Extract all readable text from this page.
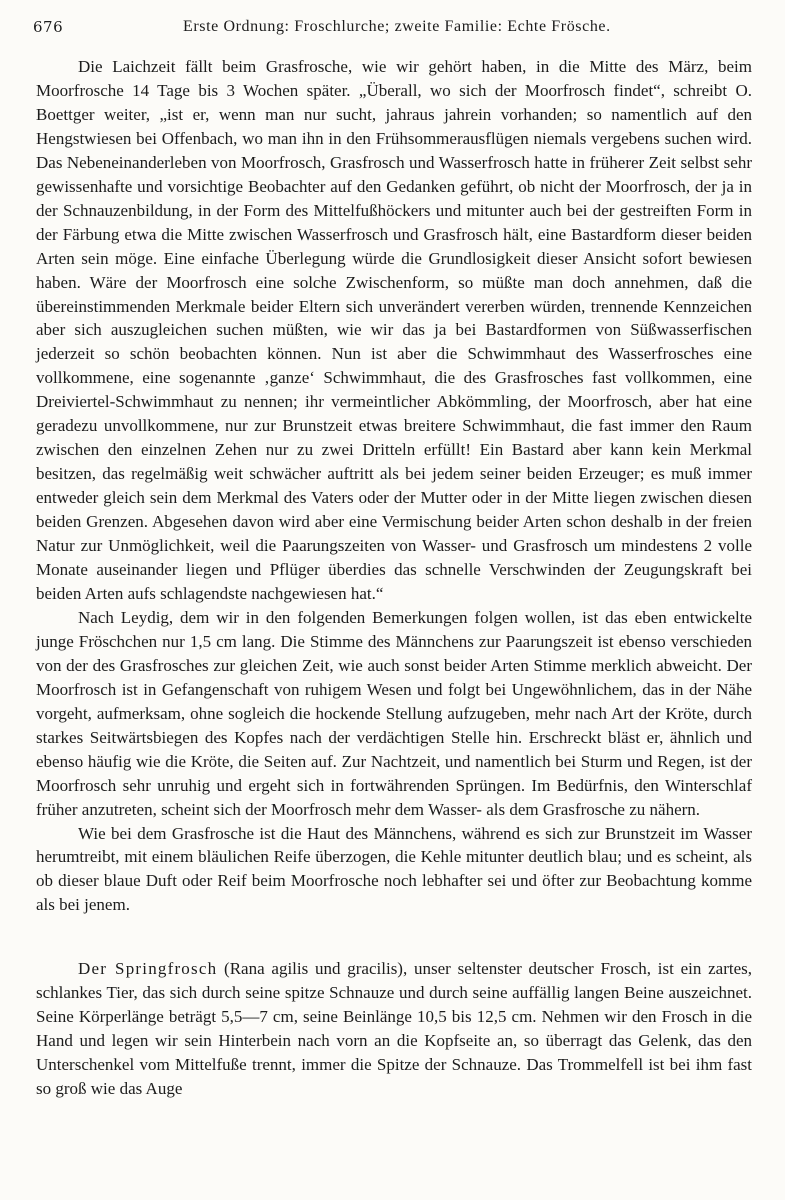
676	Erste Ordnung: Froschlurche; zweite Familie: Echte Frösche.

Die Laichzeit fällt beim Grasfrosche, wie wir gehört haben, in die Mitte des März, beim Moorfrosche 14 Tage bis 3 Wochen später. „Überall, wo sich der Moorfrosch findet“, schreibt O. Boettger weiter, „ist er, wenn man nur sucht, jahraus jahrein vorhanden; so namentlich auf den Hengstwiesen bei Offenbach, wo man ihn in den Frühsommerausflügen niemals vergebens suchen wird. Das Nebeneinanderleben von Moorfrosch, Grasfrosch und Wasserfrosch hatte in früherer Zeit selbst sehr gewissenhafte und vorsichtige Beobachter auf den Gedanken geführt, ob nicht der Moorfrosch, der ja in der Schnauzenbildung, in der Form des Mittelfußhöckers und mitunter auch bei der gestreiften Form in der Färbung etwa die Mitte zwischen Wasserfrosch und Grasfrosch hält, eine Bastardform dieser beiden Arten sein möge. Eine einfache Überlegung würde die Grundlosigkeit dieser Ansicht sofort bewiesen haben. Wäre der Moorfrosch eine solche Zwischenform, so müßte man doch annehmen, daß die übereinstimmenden Merkmale beider Eltern sich unverändert vererben würden, trennende Kennzeichen aber sich auszugleichen suchen müßten, wie wir das ja bei Bastardformen von Süßwasserfischen jederzeit so schön beobachten können. Nun ist aber die Schwimmhaut des Wasserfrosches eine vollkommene, eine sogenannte ‚ganze‘ Schwimmhaut, die des Grasfrosches fast vollkommen, eine Dreiviertel-Schwimmhaut zu nennen; ihr vermeintlicher Abkömmling, der Moorfrosch, aber hat eine geradezu unvollkommene, nur zur Brunstzeit etwas breitere Schwimmhaut, die fast immer den Raum zwischen den einzelnen Zehen nur zu zwei Dritteln erfüllt! Ein Bastard aber kann kein Merkmal besitzen, das regelmäßig weit schwächer auftritt als bei jedem seiner beiden Erzeuger; es muß immer entweder gleich sein dem Merkmal des Vaters oder der Mutter oder in der Mitte liegen zwischen diesen beiden Grenzen. Abgesehen davon wird aber eine Vermischung beider Arten schon deshalb in der freien Natur zur Unmöglichkeit, weil die Paarungszeiten von Wasser- und Grasfrosch um mindestens 2 volle Monate auseinander liegen und Pflüger überdies das schnelle Verschwinden der Zeugungskraft bei beiden Arten aufs schlagendste nachgewiesen hat.“

Nach Leydig, dem wir in den folgenden Bemerkungen folgen wollen, ist das eben entwickelte junge Fröschchen nur 1,5 cm lang. Die Stimme des Männchens zur Paarungszeit ist ebenso verschieden von der des Grasfrosches zur gleichen Zeit, wie auch sonst beider Arten Stimme merklich abweicht. Der Moorfrosch ist in Gefangenschaft von ruhigem Wesen und folgt bei Ungewöhnlichem, das in der Nähe vorgeht, aufmerksam, ohne sogleich die hockende Stellung aufzugeben, mehr nach Art der Kröte, durch starkes Seitwärtsbiegen des Kopfes nach der verdächtigen Stelle hin. Erschreckt bläst er, ähnlich und ebenso häufig wie die Kröte, die Seiten auf. Zur Nachtzeit, und namentlich bei Sturm und Regen, ist der Moorfrosch sehr unruhig und ergeht sich in fortwährenden Sprüngen. Im Bedürfnis, den Winterschlaf früher anzutreten, scheint sich der Moorfrosch mehr dem Wasser- als dem Grasfrosche zu nähern.

Wie bei dem Grasfrosche ist die Haut des Männchens, während es sich zur Brunstzeit im Wasser herumtreibt, mit einem bläulichen Reife überzogen, die Kehle mitunter deutlich blau; und es scheint, als ob dieser blaue Duft oder Reif beim Moorfrosche noch lebhafter sei und öfter zur Beobachtung komme als bei jenem.

Der Springfrosch (Rana agilis und gracilis), unser seltenster deutscher Frosch, ist ein zartes, schlankes Tier, das sich durch seine spitze Schnauze und durch seine auffällig langen Beine auszeichnet. Seine Körperlänge beträgt 5,5—7 cm, seine Beinlänge 10,5 bis 12,5 cm. Nehmen wir den Frosch in die Hand und legen wir sein Hinterbein nach vorn an die Kopfseite an, so überragt das Gelenk, das den Unterschenkel vom Mittelfuße trennt, immer die Spitze der Schnauze. Das Trommelfell ist bei ihm fast so groß wie das Auge
